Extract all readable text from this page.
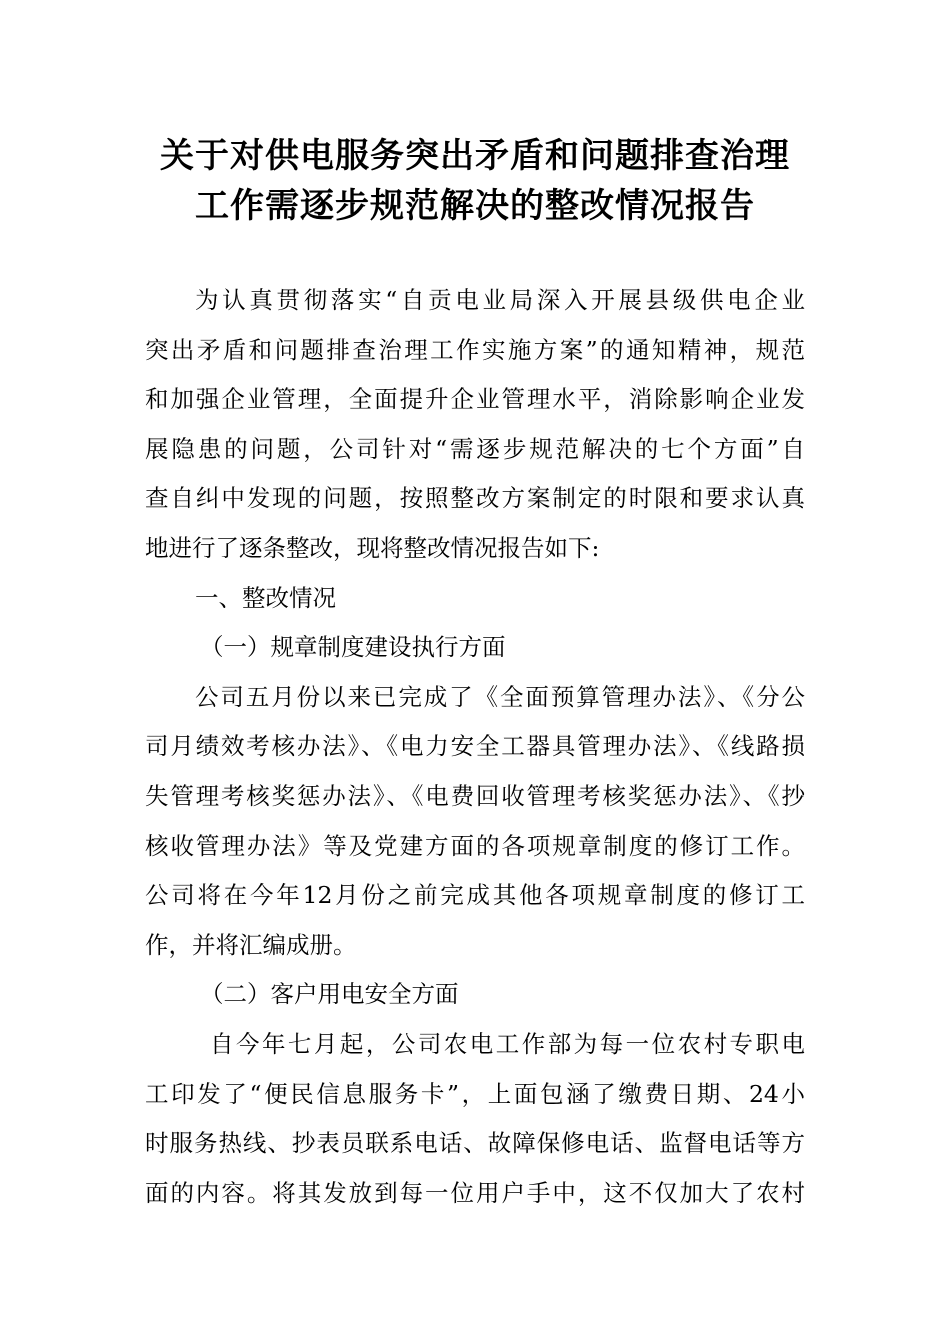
关于对供电服务突出矛盾和问题排查治理
工作需逐步规范解决的整改情况报告
为认真贯彻落实“自贡电业局深入开展县级供电企业
突出矛盾和问题排查治理工作实施方案”的通知精神，规范
和加强企业管理，全面提升企业管理水平，消除影响企业发
展隐患的问题，公司针对“需逐步规范解决的七个方面”自
查自纠中发现的问题，按照整改方案制定的时限和要求认真
地进行了逐条整改，现将整改情况报告如下:
一、整改情况
（一）规章制度建设执行方面
公司五月份以来已完成了《全面预算管理办法》、《分公
司月绩效考核办法》、《电力安全工器具管理办法》、《线路损
失管理考核奖惩办法》、《电费回收管理考核奖惩办法》、《抄
核收管理办法》等及党建方面的各项规章制度的修订工作。
公司将在今年12月份之前完成其他各项规章制度的修订工
作，并将汇编成册。
（二）客户用电安全方面
自今年七月起，公司农电工作部为每一位农村专职电
工印发了“便民信息服务卡”，上面包涵了缴费日期、24小
时服务热线、抄表员联系电话、故障保修电话、监督电话等方
面的内容。将其发放到每一位用户手中，这不仅加大了农村
